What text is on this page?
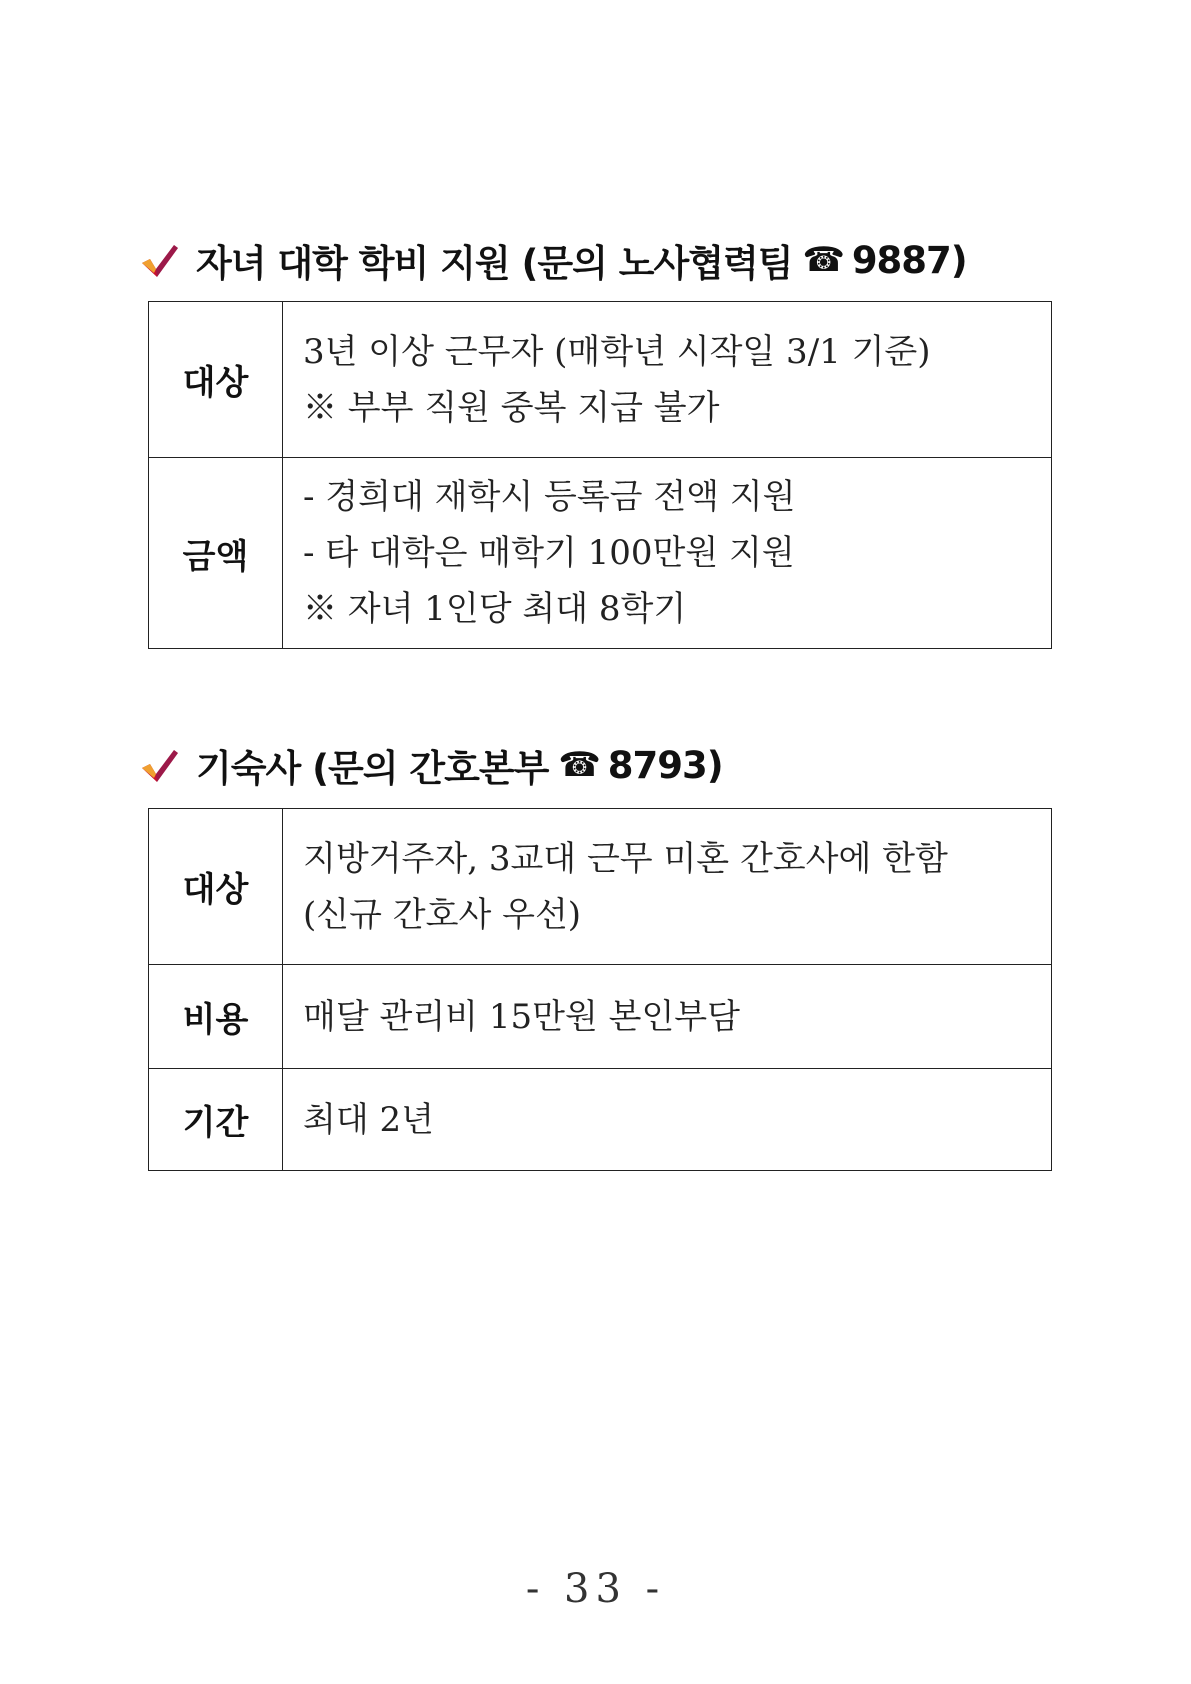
자녀 대학 학비 지원 (문의 노사협력팀 ☎ 9887)
대상	3년 이상 근무자 (매학년 시작일 3/1 기준)
※ 부부 직원 중복 지급 불가

금액	- 경희대 재학시 등록금 전액 지원
- 타 대학은 매학기 100만원 지원
※ 자녀 1인당 최대 8학기
기숙사 (문의 간호본부 ☎ 8793)
대상	지방거주자, 3교대 근무 미혼 간호사에 한함
(신규 간호사 우선)

비용	매달 관리비 15만원 본인부담

기간	최대 2년
- 33 -
